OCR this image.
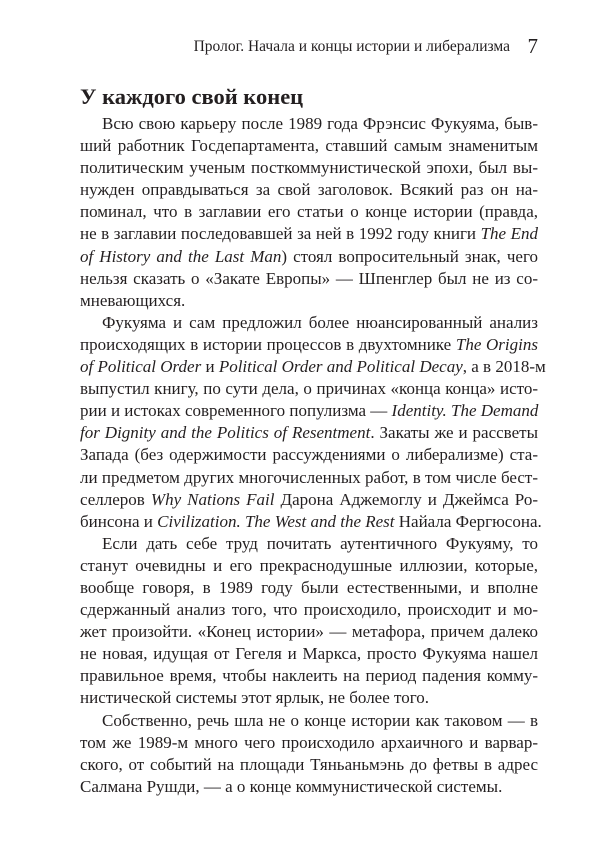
Пролог. Начала и концы истории и либерализма 7
У каждого свой конец
Всю свою карьеру после 1989 года Фрэнсис Фукуяма, быв-
ший работник Госдепартамента, ставший самым знаменитым
политическим ученым посткоммунистической эпохи, был вы-
нужден оправдываться за свой заголовок. Всякий раз он на-
поминал, что в заглавии его статьи о конце истории (правда,
не в заглавии последовавшей за ней в 1992 году книги The End
of History and the Last Man) стоял вопросительный знак, чего
нельзя сказать о «Закате Европы» — Шпенглер был не из со-
мневающихся.
Фукуяма и сам предложил более нюансированный анализ
происходящих в истории процессов в двухтомнике The Origins
of Political Order и Political Order and Political Decay, а в 2018-м
выпустил книгу, по сути дела, о причинах «конца конца» исто-
рии и истоках современного популизма — Identity. The Demand
for Dignity and the Politics of Resentment. Закаты же и рассветы
Запада (без одержимости рассуждениями о либерализме) ста-
ли предметом других многочисленных работ, в том числе бест-
селлеров Why Nations Fail Дарона Аджемоглу и Джеймса Ро-
бинсона и Civilization. The West and the Rest Найала Фергюсона.
Если дать себе труд почитать аутентичного Фукуяму, то
станут очевидны и его прекраснодушные иллюзии, которые,
вообще говоря, в 1989 году были естественными, и вполне
сдержанный анализ того, что происходило, происходит и мо-
жет произойти. «Конец истории» — метафора, причем далеко
не новая, идущая от Гегеля и Маркса, просто Фукуяма нашел
правильное время, чтобы наклеить на период падения комму-
нистической системы этот ярлык, не более того.
Собственно, речь шла не о конце истории как таковом — в
том же 1989-м много чего происходило архаичного и варвар-
ского, от событий на площади Тяньаньмэнь до фетвы в адрес
Салмана Рушди, — а о конце коммунистической системы.
